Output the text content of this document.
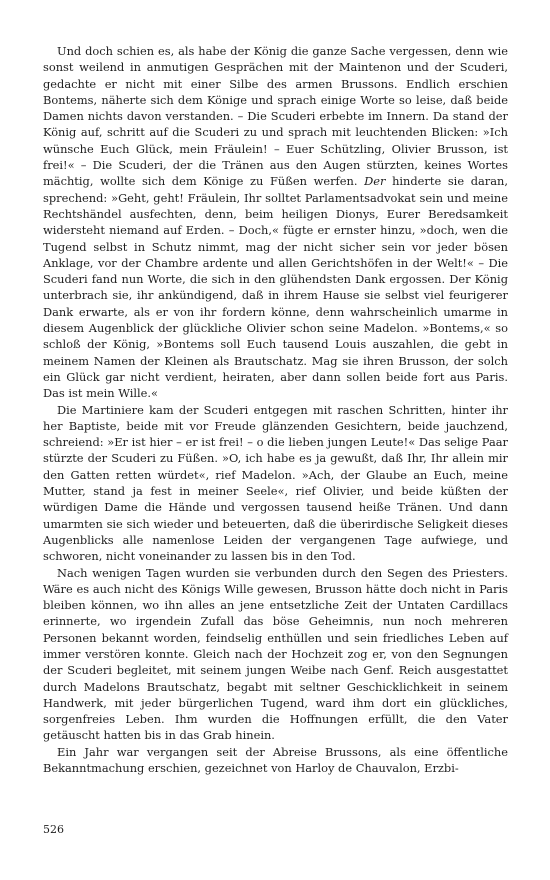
Und doch schien es, als habe der König die ganze Sache vergessen, denn wie sonst weilend in anmutigen Gesprächen mit der Maintenon und der Scuderi, gedachte er nicht mit einer Silbe des armen Brussons. Endlich erschien Bontems, näherte sich dem Könige und sprach einige Worte so leise, daß beide Damen nichts davon verstanden. – Die Scuderi erbebte im Innern. Da stand der König auf, schritt auf die Scuderi zu und sprach mit leuchtenden Blicken: »Ich wünsche Euch Glück, mein Fräulein! – Euer Schützling, Olivier Brusson, ist frei!« – Die Scuderi, der die Tränen aus den Augen stürzten, keines Wortes mächtig, wollte sich dem Könige zu Füßen werfen. Der hinderte sie daran, sprechend: »Geht, geht! Fräulein, Ihr solltet Parlamentsadvokat sein und meine Rechtshändel ausfechten, denn, beim heiligen Dionys, Eurer Beredsamkeit widersteht niemand auf Erden. – Doch,« fügte er ernster hinzu, »doch, wen die Tugend selbst in Schutz nimmt, mag der nicht sicher sein vor jeder bösen Anklage, vor der Chambre ardente und allen Gerichtshöfen in der Welt!« – Die Scuderi fand nun Worte, die sich in den glühendsten Dank ergossen. Der König unterbrach sie, ihr ankündigend, daß in ihrem Hause sie selbst viel feurigerer Dank erwarte, als er von ihr fordern könne, denn wahrscheinlich umarme in diesem Augenblick der glückliche Olivier schon seine Madelon. »Bontems,« so schloß der König, »Bontems soll Euch tausend Louis auszahlen, die gebt in meinem Namen der Kleinen als Brautschatz. Mag sie ihren Brusson, der solch ein Glück gar nicht verdient, heiraten, aber dann sollen beide fort aus Paris. Das ist mein Wille.«

Die Martiniere kam der Scuderi entgegen mit raschen Schritten, hinter ihr her Baptiste, beide mit vor Freude glänzenden Gesichtern, beide jauchzend, schreiend: »Er ist hier – er ist frei! – o die lieben jungen Leute!« Das selige Paar stürzte der Scuderi zu Füßen. »O, ich habe es ja gewußt, daß Ihr, Ihr allein mir den Gatten retten würdet«, rief Madelon. »Ach, der Glaube an Euch, meine Mutter, stand ja fest in meiner Seele«, rief Olivier, und beide küßten der würdigen Dame die Hände und vergossen tausend heiße Tränen. Und dann umarmten sie sich wieder und beteuerten, daß die überirdische Seligkeit dieses Augenblicks alle namenlose Leiden der vergangenen Tage aufwiege, und schworen, nicht voneinander zu lassen bis in den Tod.

Nach wenigen Tagen wurden sie verbunden durch den Segen des Priesters. Wäre es auch nicht des Königs Wille gewesen, Brusson hätte doch nicht in Paris bleiben können, wo ihn alles an jene entsetzliche Zeit der Untaten Cardillacs erinnerte, wo irgendein Zufall das böse Geheimnis, nun noch mehreren Personen bekannt worden, feindselig enthüllen und sein friedliches Leben auf immer verstören konnte. Gleich nach der Hochzeit zog er, von den Segnungen der Scuderi begleitet, mit seinem jungen Weibe nach Genf. Reich ausgestattet durch Madelons Brautschatz, begabt mit seltner Geschicklichkeit in seinem Handwerk, mit jeder bürgerlichen Tugend, ward ihm dort ein glückliches, sorgenfreies Leben. Ihm wurden die Hoffnungen erfüllt, die den Vater getäuscht hatten bis in das Grab hinein.

Ein Jahr war vergangen seit der Abreise Brussons, als eine öffentliche Bekanntmachung erschien, gezeichnet von Harloy de Chauvalon, Erzbi-

526
